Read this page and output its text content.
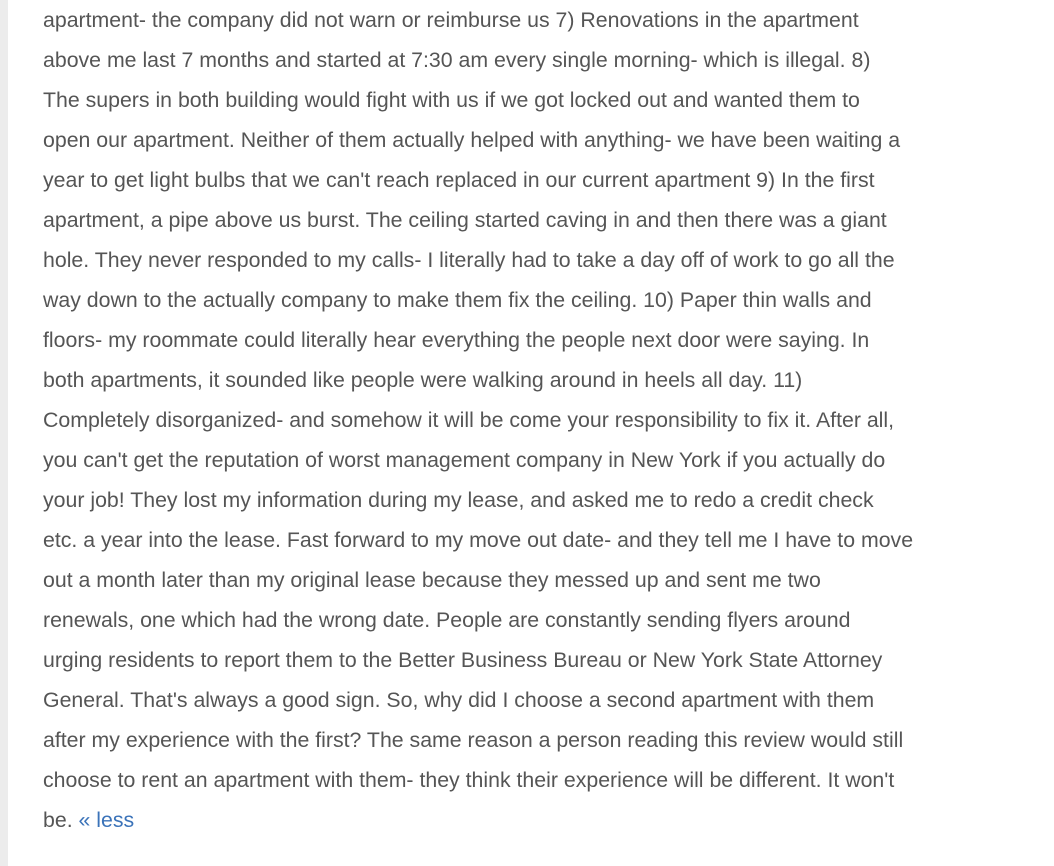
apartment- the company did not warn or reimburse us 7) Renovations in the apartment
above me last 7 months and started at 7:30 am every single morning- which is illegal. 8)
The supers in both building would fight with us if we got locked out and wanted them to
open our apartment. Neither of them actually helped with anything- we have been waiting a
year to get light bulbs that we can't reach replaced in our current apartment 9) In the first
apartment, a pipe above us burst. The ceiling started caving in and then there was a giant
hole. They never responded to my calls- I literally had to take a day off of work to go all the
way down to the actually company to make them fix the ceiling. 10) Paper thin walls and
floors- my roommate could literally hear everything the people next door were saying. In
both apartments, it sounded like people were walking around in heels all day. 11)
Completely disorganized- and somehow it will be come your responsibility to fix it. After all,
you can't get the reputation of worst management company in New York if you actually do
your job! They lost my information during my lease, and asked me to redo a credit check
etc. a year into the lease. Fast forward to my move out date- and they tell me I have to move
out a month later than my original lease because they messed up and sent me two
renewals, one which had the wrong date. People are constantly sending flyers around
urging residents to report them to the Better Business Bureau or New York State Attorney
General. That's always a good sign. So, why did I choose a second apartment with them
after my experience with the first? The same reason a person reading this review would still
choose to rent an apartment with them- they think their experience will be different. It won't
be. « less
